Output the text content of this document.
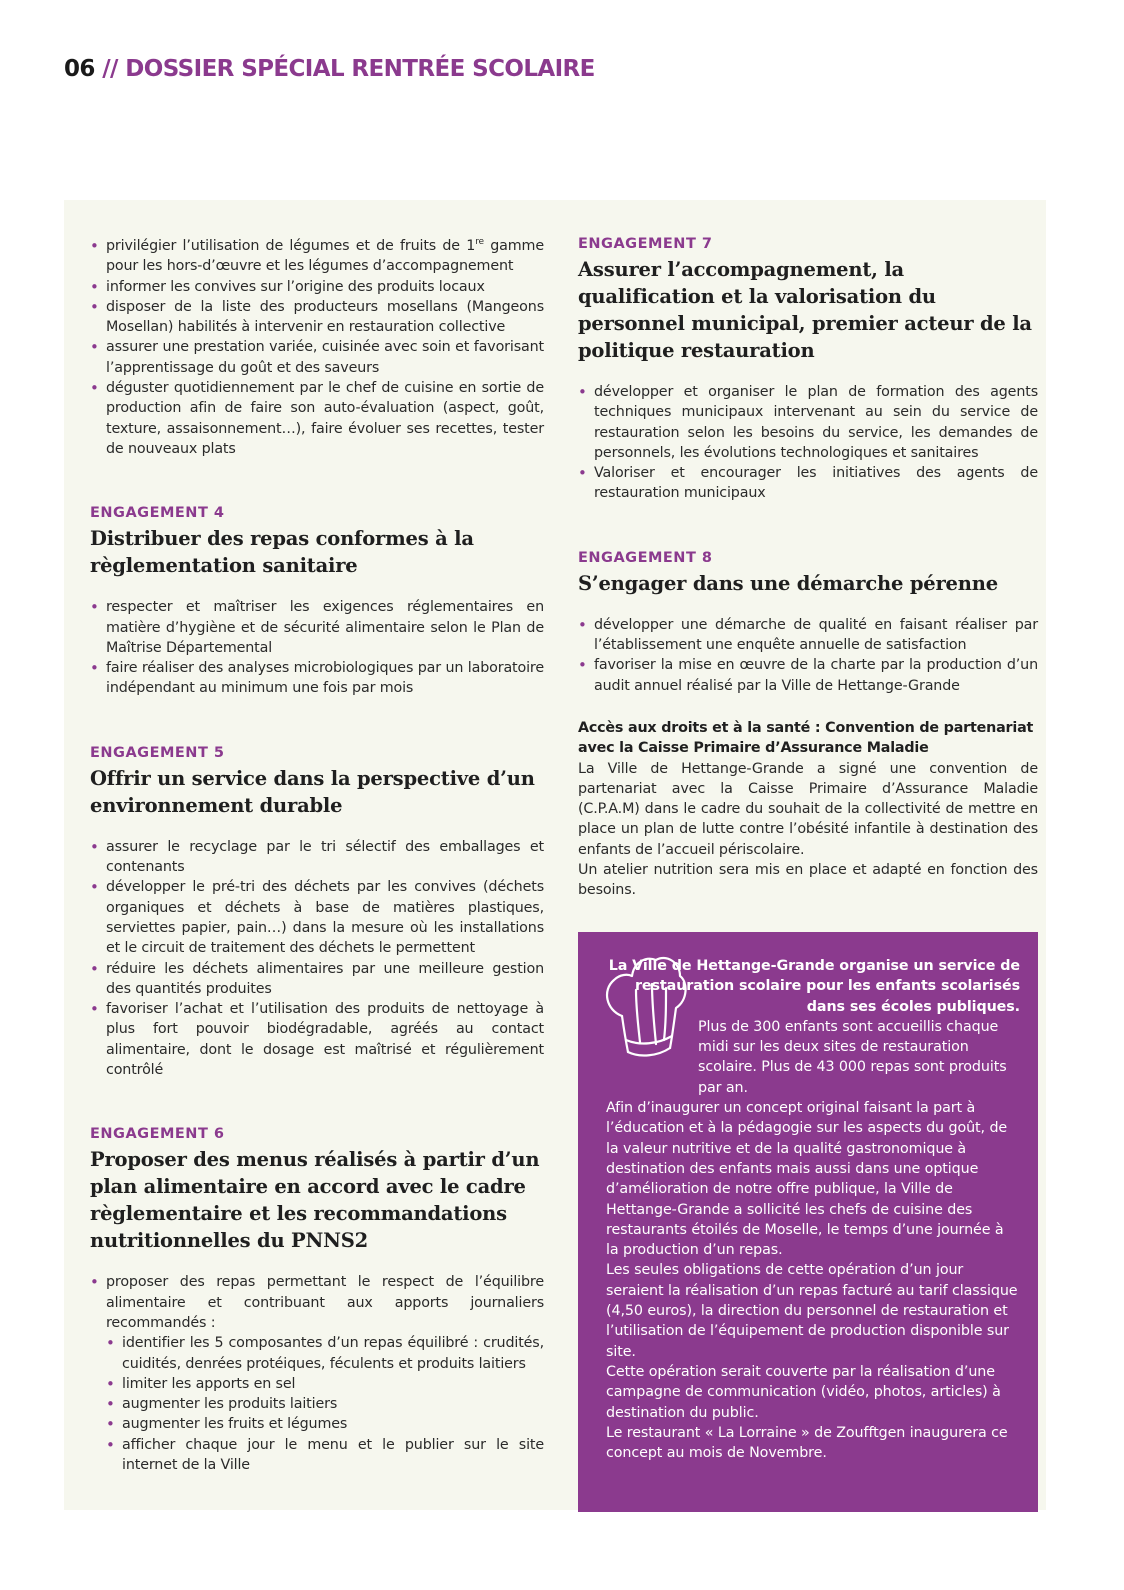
06 // DOSSIER SPÉCIAL RENTRÉE SCOLAIRE
• privilégier l’utilisation de légumes et de fruits de 1re gamme pour les hors-d’œuvre et les légumes d’accompagnement
• informer les convives sur l’origine des produits locaux
• disposer de la liste des producteurs mosellans (Mangeons Mosellan) habilités à intervenir en restauration collective
• assurer une prestation variée, cuisinée avec soin et favorisant l’apprentissage du goût et des saveurs
• déguster quotidiennement par le chef de cuisine en sortie de production afin de faire son auto-évaluation (aspect, goût, texture, assaisonnement…), faire évoluer ses recettes, tester de nouveaux plats
ENGAGEMENT 4
Distribuer des repas conformes à la règlementation sanitaire
• respecter et maîtriser les exigences réglementaires en matière d’hygiène et de sécurité alimentaire selon le Plan de Maîtrise Départemental
• faire réaliser des analyses microbiologiques par un laboratoire indépendant au minimum une fois par mois
ENGAGEMENT 5
Offrir un service dans la perspective d’un environnement durable
• assurer le recyclage par le tri sélectif des emballages et contenants
• développer le pré-tri des déchets par les convives (déchets organiques et déchets à base de matières plastiques, serviettes papier, pain…) dans la mesure où les installations et le circuit de traitement des déchets le permettent
• réduire les déchets alimentaires par une meilleure gestion des quantités produites
• favoriser l’achat et l’utilisation des produits de nettoyage à plus fort pouvoir biodégradable, agréés au contact alimentaire, dont le dosage est maîtrisé et régulièrement contrôlé
ENGAGEMENT 6
Proposer des menus réalisés à partir d’un plan alimentaire en accord avec le cadre règlementaire et les recommandations nutritionnelles du PNNS2
• proposer des repas permettant le respect de l’équilibre alimentaire et contribuant aux apports journaliers recommandés :
• identifier les 5 composantes d’un repas équilibré : crudités, cuidités, denrées protéiques, féculents et produits laitiers
• limiter les apports en sel
• augmenter les produits laitiers
• augmenter les fruits et légumes
• afficher chaque jour le menu et le publier sur le site internet de la Ville
ENGAGEMENT 7
Assurer l’accompagnement, la qualification et la valorisation du personnel municipal, premier acteur de la politique restauration
• développer et organiser le plan de formation des agents techniques municipaux intervenant au sein du service de restauration selon les besoins du service, les demandes de personnels, les évolutions technologiques et sanitaires
• Valoriser et encourager les initiatives des agents de restauration municipaux
ENGAGEMENT 8
S’engager dans une démarche pérenne
• développer une démarche de qualité en faisant réaliser par l’établissement une enquête annuelle de satisfaction
• favoriser la mise en œuvre de la charte par la production d’un audit annuel réalisé par la Ville de Hettange-Grande
Accès aux droits et à la santé : Convention de partenariat avec la Caisse Primaire d’Assurance Maladie

La Ville de Hettange-Grande a signé une convention de partenariat avec la Caisse Primaire d’Assurance Maladie (C.P.A.M) dans le cadre du souhait de la collectivité de mettre en place un plan de lutte contre l’obésité infantile à destination des enfants de l’accueil périscolaire.

Un atelier nutrition sera mis en place et adapté en fonction des besoins.

La Ville de Hettange-Grande organise un service de restauration scolaire pour les enfants scolarisés dans ses écoles publiques.

Plus de 300 enfants sont accueillis chaque midi sur les deux sites de restauration scolaire. Plus de 43 000 repas sont produits par an.

Afin d’inaugurer un concept original faisant la part à l’éducation et à la pédagogie sur les aspects du goût, de la valeur nutritive et de la qualité gastronomique à destination des enfants mais aussi dans une optique d’amélioration de notre offre publique, la Ville de Hettange-Grande a sollicité les chefs de cuisine des restaurants étoilés de Moselle, le temps d’une journée à la production d’un repas.

Les seules obligations de cette opération d’un jour seraient la réalisation d’un repas facturé au tarif classique (4,50 euros), la direction du personnel de restauration et l’utilisation de l’équipement de production disponible sur site.

Cette opération serait couverte par la réalisation d’une campagne de communication (vidéo, photos, articles) à destination du public.

Le restaurant « La Lorraine » de Zoufftgen inaugurera ce concept au mois de Novembre.
